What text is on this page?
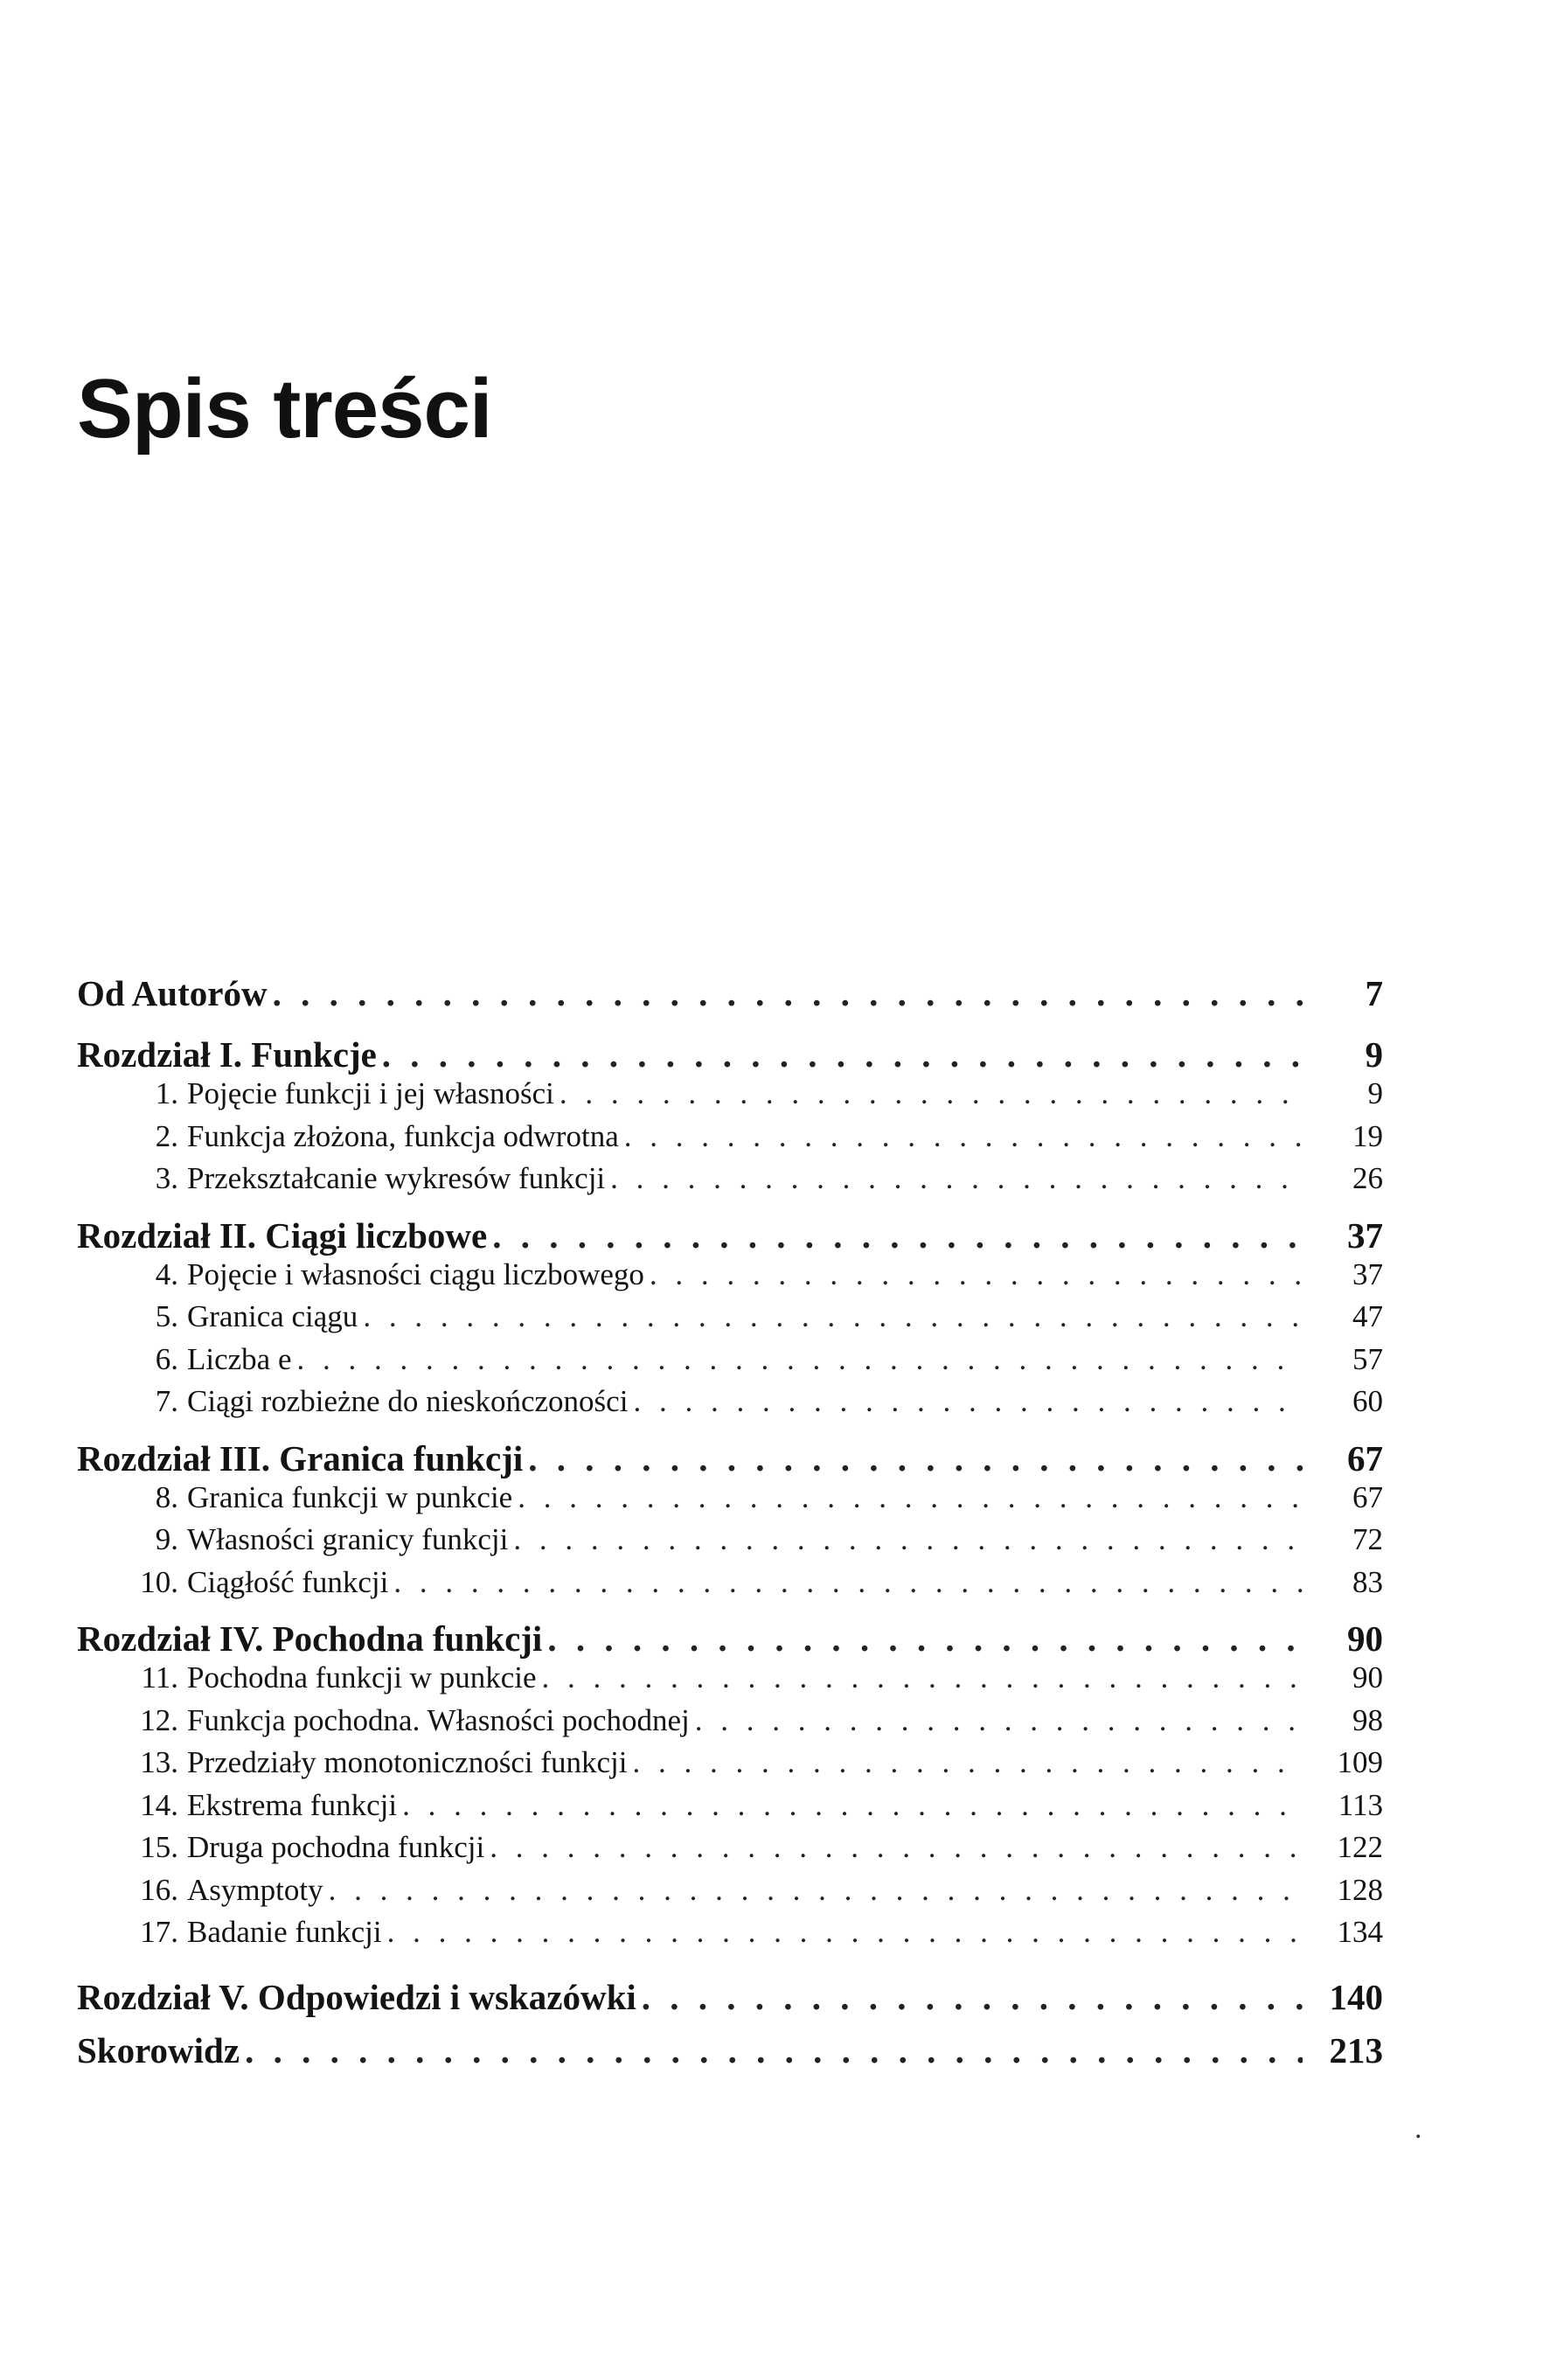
Spis treści
Od Autorów . . .	7
Rozdział I. Funkcje . . .	9
1. Pojęcie funkcji i jej własności . . .	9
2. Funkcja złożona, funkcja odwrotna . . .	19
3. Przekształcanie wykresów funkcji . . .	26
Rozdział II. Ciągi liczbowe . . .	37
4. Pojęcie i własności ciągu liczbowego . . .	37
5. Granica ciągu . . .	47
6. Liczba e . . .	57
7. Ciągi rozbieżne do nieskończoności . . .	60
Rozdział III. Granica funkcji . . .	67
8. Granica funkcji w punkcie . . .	67
9. Własności granicy funkcji . . .	72
10. Ciągłość funkcji . . .	83
Rozdział IV. Pochodna funkcji . . .	90
11. Pochodna funkcji w punkcie . . .	90
12. Funkcja pochodna. Własności pochodnej . . .	98
13. Przedziały monotoniczności funkcji . . .	109
14. Ekstrema funkcji . . .	113
15. Druga pochodna funkcji . . .	122
16. Asymptoty . . .	128
17. Badanie funkcji . . .	134
Rozdział V. Odpowiedzi i wskazówki . . .	140
Skorowidz . . .	213
.
